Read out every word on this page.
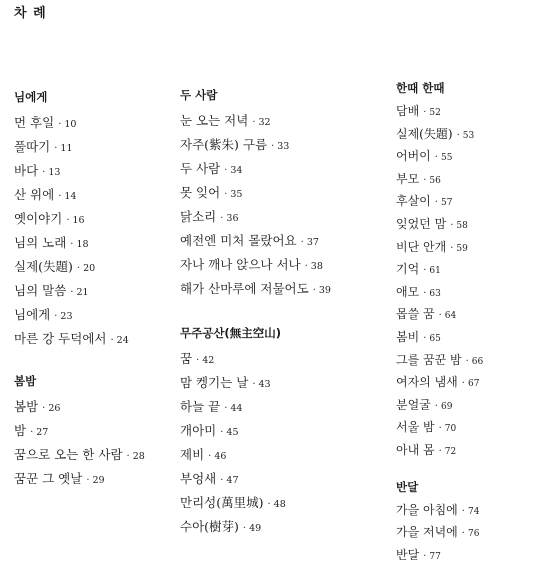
차 례
님에게
먼 후일 · 10
풀따기 · 11
바다 · 13
산 위에 · 14
옛이야기 · 16
님의 노래 · 18
실제(失題) · 20
님의 말씀 · 21
님에게 · 23
마른 강 두덕에서 · 24
봄밤
봄밤 · 26
밤 · 27
꿈으로 오는 한 사람 · 28
꿈꾼 그 옛날 · 29
두 사람
눈 오는 저녁 · 32
자주(紫朱) 구름 · 33
두 사람 · 34
못 잊어 · 35
닭소리 · 36
예전엔 미처 몰랐어요 · 37
자나 깨나 앉으나 서나 · 38
해가 산마루에 저물어도 · 39
무주공산(無主空山)
꿈 · 42
맘 켕기는 날 · 43
하늘 끝 · 44
개아미 · 45
제비 · 46
부엉새 · 47
만리성(萬里城) · 48
수아(樹芽) · 49
한때 한때
담배 · 52
실제(失題) · 53
어버이 · 55
부모 · 56
후살이 · 57
잊었던 맘 · 58
비단 안개 · 59
기억 · 61
애모 · 63
몹쓸 꿈 · 64
봄비 · 65
그를 꿈꾼 밤 · 66
여자의 냄새 · 67
분얼굴 · 69
서울 밤 · 70
아내 몸 · 72
반달
가을 아침에 · 74
가을 저녁에 · 76
반달 · 77
